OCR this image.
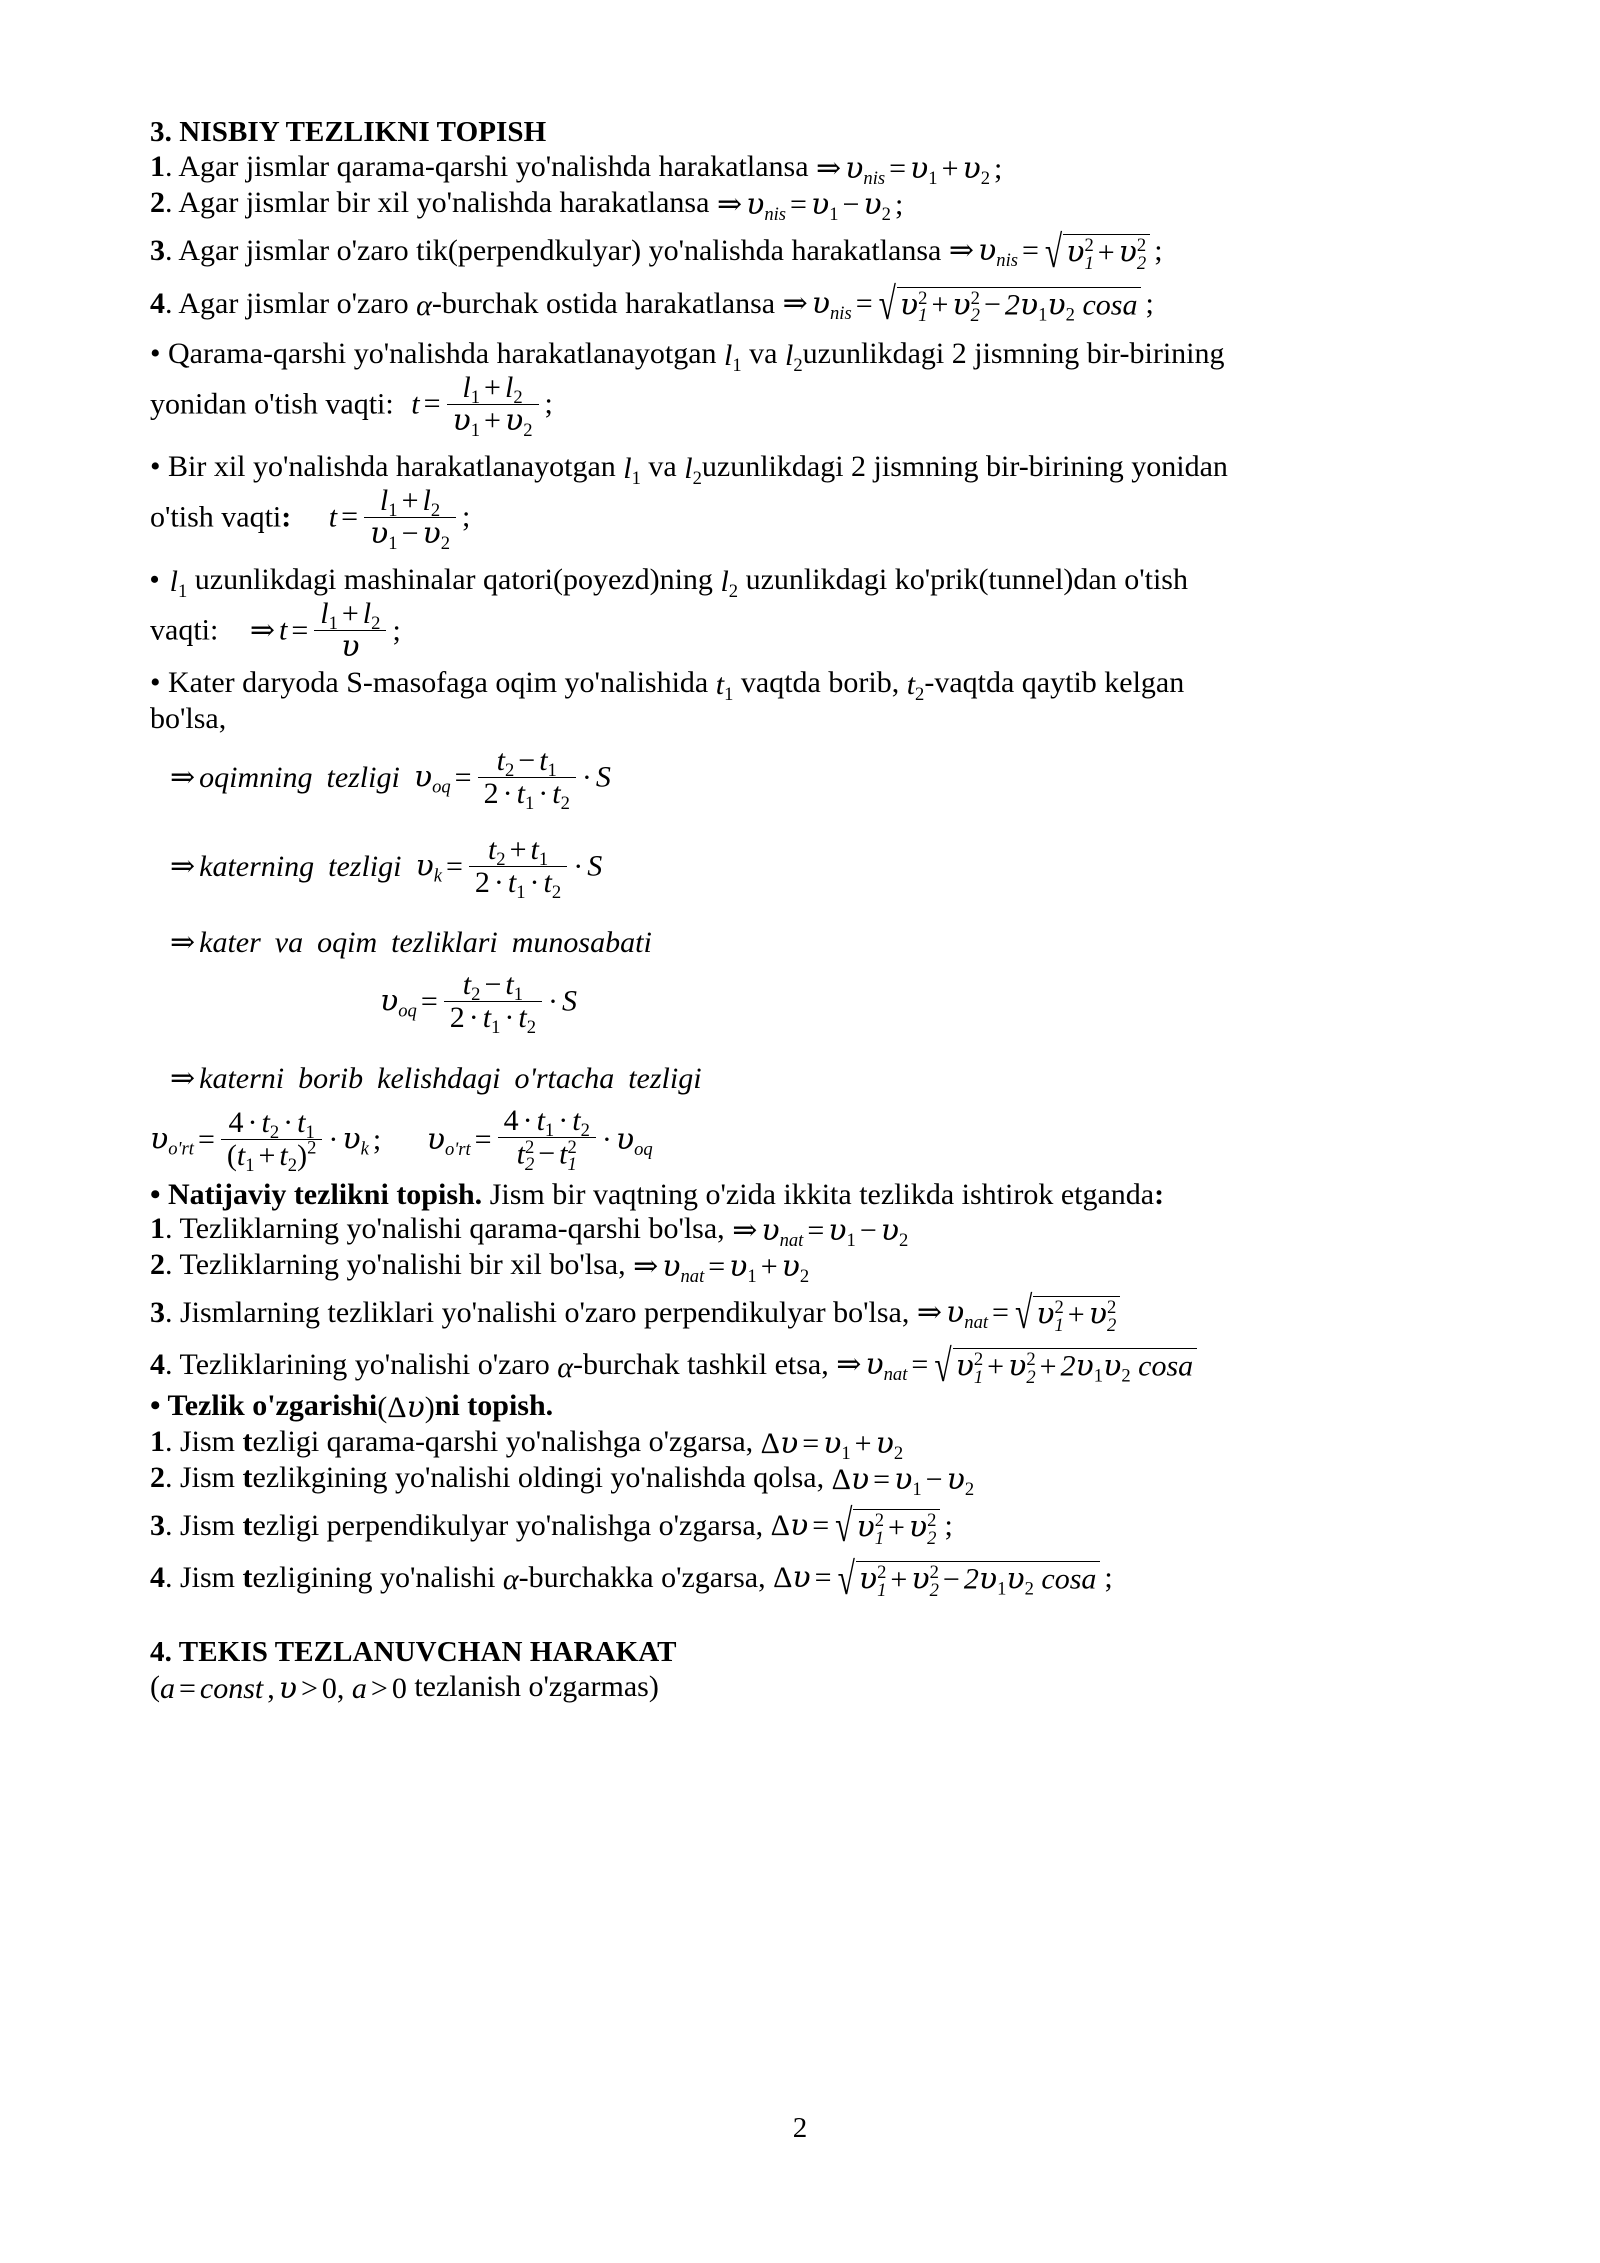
3. NISBIY TEZLIKNI TOPISH
1. Agar jismlar qarama-qarshi yo'nalishda harakatlansa ⇒ $\upsilon_{nis} = \upsilon_1 + \upsilon_2$ ;
2. Agar jismlar bir xil yo'nalishda harakatlansa ⇒ $\upsilon_{nis} = \upsilon_1 - \upsilon_2$ ;
3. Agar jismlar o'zaro tik(perpendkulyar) yo'nalishda harakatlansa ⇒ $\upsilon_{nis}$ = √ υ 2
1 + υ 2
2 ;
4. Agar jismlar o'zaro α-burchak ostida harakatlansa ⇒ $\upsilon_{nis}$ = √ υ 2
1 + υ 2
$2 - 2\upsilon_1\upsilon_2$ cosa ;
• Qarama-qarshi yo'nalishda harakatlanayotgan $l_1$ va $l_2uzunlikdagi$ 2 jismning bir-birining
yonidan o'tish vaqti: $t = \frac{l_1 + l_2}{\upsilon_1 + \upsilon_2}$ ;
• Bir xil yo'nalishda harakatlanayotgan $l_1$ va $l_2uzunlikdagi$ 2 jismning bir-birining yonidan
o'tish vaqti: $t = \frac{l_1 + l_2}{\upsilon_1 - \upsilon_2}$ ;
• $l_1$ uzunlikdagi mashinalar qatori(poyezd)ning $l_2$ uzunlikdagi ko'prik(tunnel)dan o'tish
vaqti: ⇒ $t = \frac{l_1 + l_2}{\upsilon}$ ;
• Kater daryoda S-masofaga oqim yo'nalishida $t_1$ vaqtda borib, $t_2$-vaqtda qaytib kelgan
bo'lsa,
⇒ oqimning tezligi $\upsilon_{oq} = \frac{t_2 - t_1}{2 \cdot t_1 \cdot t_2} \cdot S$
⇒ katerning tezligi $\upsilon_k = \frac{t_2 + t_1}{2 \cdot t_1 \cdot t_2} \cdot S$
⇒ kater va oqim tezliklari munosabati
$\upsilon_{oq} = \frac{t_2 - t_1}{2 \cdot t_1 \cdot t_2} \cdot S$
⇒ katerni borib kelishdagi o'rtacha tezligi
$\upsilon_{o'rt} = \frac{4 \cdot t_2 \cdot t_1}{(t_1 + t_2)^2} \cdot \upsilon_k$ ; $\upsilon_{o'rt} = 4 \cdot t_1 \cdot t_2$
t 2
2 − t 2
$1 \cdot \upsilon_{oq}$
• Natijaviy tezlikni topish. Jism bir vaqtning o'zida ikkita tezlikda ishtirok etganda:
1. Tezliklarning yo'nalishi qarama-qarshi bo'lsa, ⇒ $\upsilon_{nat} = \upsilon_1 - \upsilon_2$
2. Tezliklarning yo'nalishi bir xil bo'lsa, ⇒ $\upsilon_{nat} = \upsilon_1 + \upsilon_2$
3. Jismlarning tezliklari yo'nalishi o'zaro perpendikulyar bo'lsa, ⇒ $\upsilon_{nat}$ = √ υ 2
1 + υ 2
2
4. Tezliklarining yo'nalishi o'zaro α-burchak tashkil etsa, ⇒ $\upsilon_{nat}$ = √ υ 2
1 + υ 2
$2 + 2\upsilon_1\upsilon_2$ cosa
• Tezlik o'zgarishi(Δυ)ni topish.
1. Jism tezligi qarama-qarshi yo'nalishga o'zgarsa, $\Delta\upsilon = \upsilon_1 + \upsilon_2$
2. Jism tezlikgining yo'nalishi oldingi yo'nalishda qolsa, $\Delta\upsilon = \upsilon_1 - \upsilon_2$
3. Jism tezligi perpendikulyar yo'nalishga o'zgarsa, Δυ = √ υ 2
1 + υ 2
2 ;
4. Jism tezligining yo'nalishi α-burchakka o'zgarsa, Δυ = √ υ 2
1 + υ 2
$2 - 2\upsilon_1\upsilon_2$ cosa ;
4. TEKIS TEZLANUVCHAN HARAKAT
(a = const , υ > 0, a > 0 tezlanish o'zgarmas)
2
